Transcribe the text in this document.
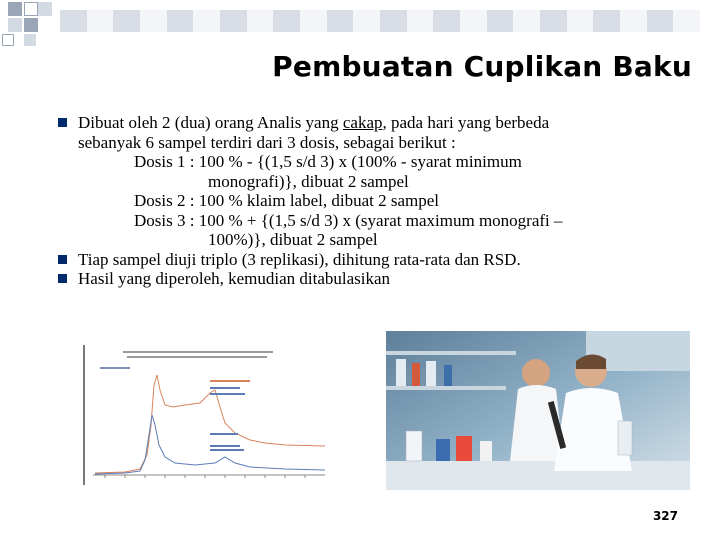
Pembuatan Cuplikan Baku
Dibuat oleh 2 (dua) orang Analis yang cakap, pada hari yang berbeda
sebanyak 6 sampel terdiri dari 3 dosis, sebagai berikut :
Dosis 1 : 100 % - {(1,5 s/d 3) x (100% - syarat minimum
monografi)}, dibuat 2 sampel
Dosis 2 : 100 % klaim label, dibuat 2 sampel
Dosis 3 : 100 % + {(1,5 s/d 3) x (syarat maximum monografi –
100%)}, dibuat 2 sampel
Tiap sampel diuji triplo (3 replikasi), dihitung rata-rata dan RSD.
Hasil yang diperoleh, kemudian ditabulasikan
327
